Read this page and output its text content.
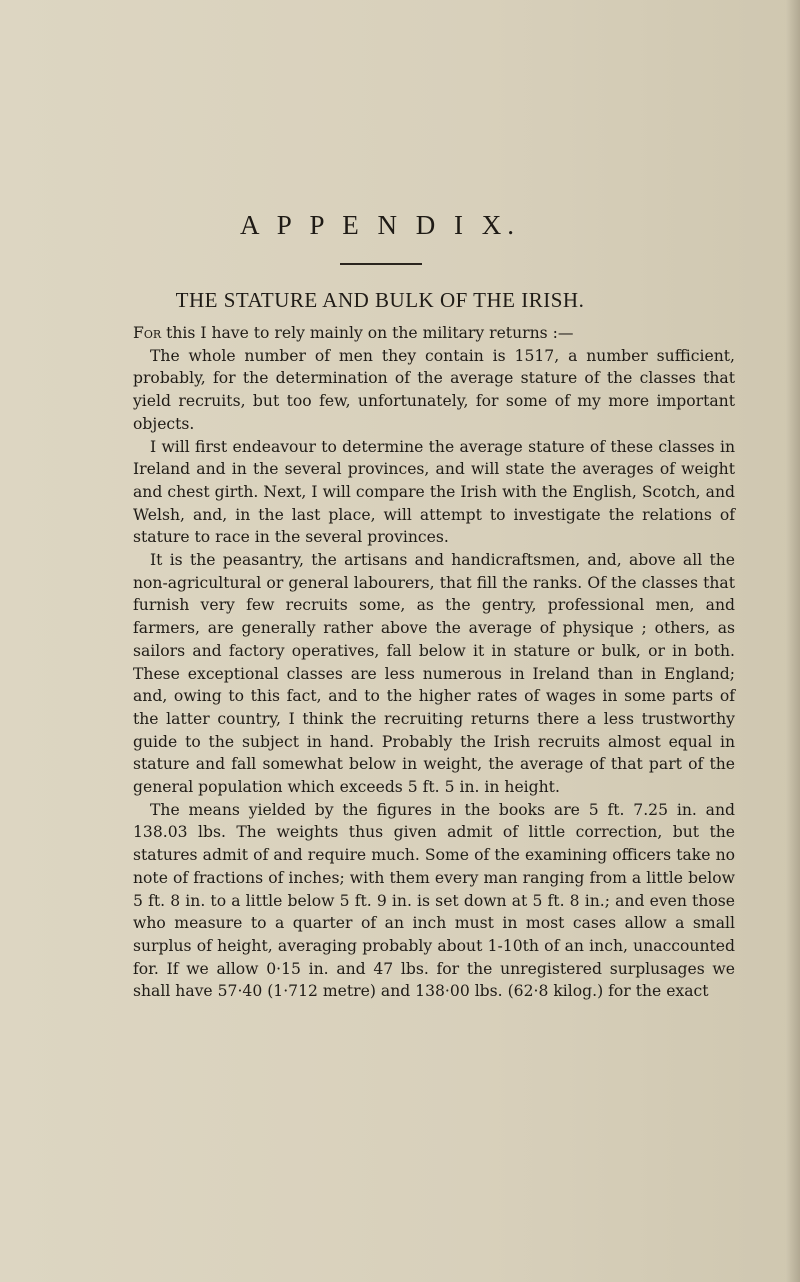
A P P E N D I X.
THE STATURE AND BULK OF THE IRISH.

For this I have to rely mainly on the military returns :—

The whole number of men they contain is 1517, a number sufficient, probably, for the determination of the average stature of the classes that yield recruits, but too few, unfortunately, for some of my more important objects.

I will first endeavour to determine the average stature of these classes in Ireland and in the several provinces, and will state the averages of weight and chest girth. Next, I will compare the Irish with the English, Scotch, and Welsh, and, in the last place, will attempt to investigate the relations of stature to race in the several provinces.

It is the peasantry, the artisans and handicraftsmen, and, above all the non-agricultural or general labourers, that fill the ranks. Of the classes that furnish very few recruits some, as the gentry, professional men, and farmers, are generally rather above the average of physique ; others, as sailors and factory operatives, fall below it in stature or bulk, or in both. These exceptional classes are less numerous in Ireland than in England; and, owing to this fact, and to the higher rates of wages in some parts of the latter country, I think the recruiting returns there a less trustworthy guide to the subject in hand. Probably the Irish recruits almost equal in stature and fall somewhat below in weight, the average of that part of the general population which exceeds 5 ft. 5 in. in height.

The means yielded by the figures in the books are 5 ft. 7.25 in. and 138.03 lbs. The weights thus given admit of little correction, but the statures admit of and require much. Some of the examining officers take no note of fractions of inches; with them every man ranging from a little below 5 ft. 8 in. to a little below 5 ft. 9 in. is set down at 5 ft. 8 in.; and even those who measure to a quarter of an inch must in most cases allow a small surplus of height, averaging probably about 1-10th of an inch, unaccounted for. If we allow 0·15 in. and 47 lbs. for the unregistered surplusages we shall have 57·40 (1·712 metre) and 138·00 lbs. (62·8 kilog.) for the exact
